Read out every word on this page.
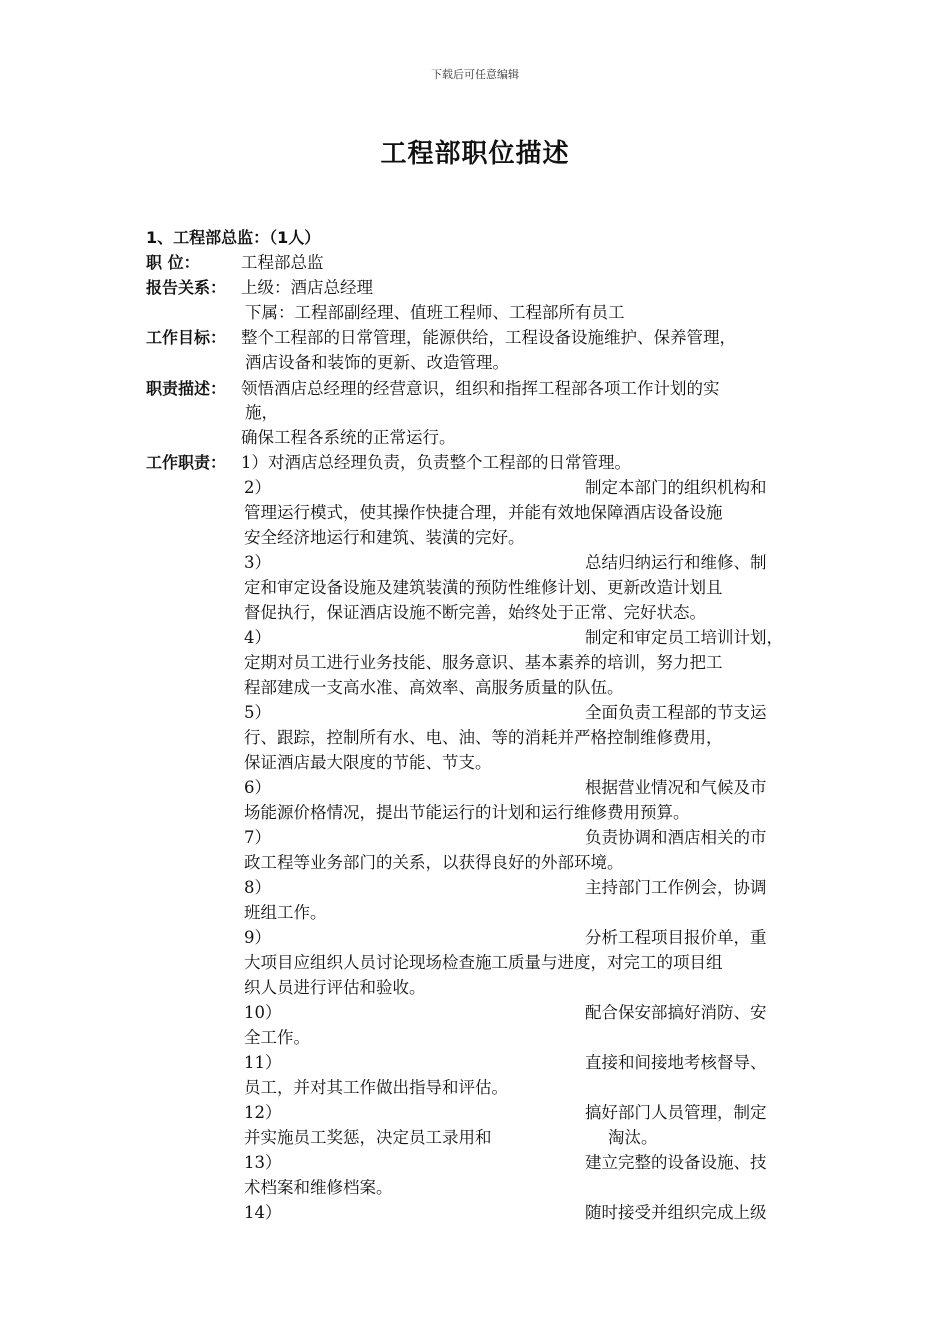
下载后可任意编辑
工程部职位描述
1、工程部总监：（1人）
职 位：	工程部总监
报告关系： 上级：酒店总经理
下属：工程部副经理、值班工程师、工程部所有员工
工作目标： 整个工程部的日常管理，能源供给，工程设备设施维护、保养管理，
酒店设备和装饰的更新、改造管理。
职责描述： 领悟酒店总经理的经营意识，组织和指挥工程部各项工作计划的实
施，
确保工程各系统的正常运行。
工作职责： 1）对酒店总经理负责，负责整个工程部的日常管理。
2）	制定本部门的组织机构和
管理运行模式，使其操作快捷合理，并能有效地保障酒店设备设施
安全经济地运行和建筑、装潢的完好。
3）	总结归纳运行和维修、制
定和审定设备设施及建筑装潢的预防性维修计划、更新改造计划且
督促执行，保证酒店设施不断完善，始终处于正常、完好状态。
4）	制定和审定员工培训计划，
定期对员工进行业务技能、服务意识、基本素养的培训，努力把工
程部建成一支高水准、高效率、高服务质量的队伍。
5）	全面负责工程部的节支运
行、跟踪，控制所有水、电、油、等的消耗并严格控制维修费用，
保证酒店最大限度的节能、节支。
6）	根据营业情况和气候及市
场能源价格情况，提出节能运行的计划和运行维修费用预算。
7）	负责协调和酒店相关的市
政工程等业务部门的关系，以获得良好的外部环境。
8）	主持部门工作例会，协调
班组工作。
9）	分析工程项目报价单，重
大项目应组织人员讨论现场检查施工质量与进度，对完工的项目组
织人员进行评估和验收。
10）	配合保安部搞好消防、安
全工作。
11）	直接和间接地考核督导、
员工，并对其工作做出指导和评估。
12）	搞好部门人员管理，制定
并实施员工奖惩，决定员工录用和	淘汰。
13）	建立完整的设备设施、技
术档案和维修档案。
14）	随时接受并组织完成上级
